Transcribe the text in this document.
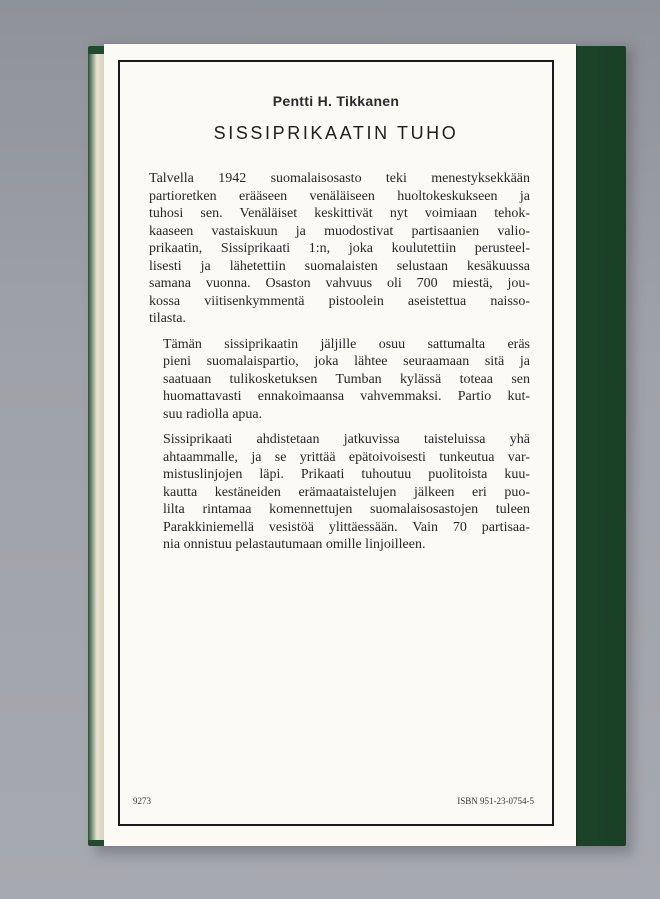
Pentti H. Tikkanen
SISSIPRIKAATIN TUHO

Talvella 1942 suomalaisosasto teki menestyksekkään
partioretken erääseen venäläiseen huoltokeskukseen ja
tuhosi sen. Venäläiset keskittivät nyt voimiaan tehok-
kaaseen vastaiskuun ja muodostivat partisaanien valio-
prikaatin, Sissiprikaati 1:n, joka koulutettiin perusteel-
lisesti ja lähetettiin suomalaisten selustaan kesäkuussa
samana vuonna. Osaston vahvuus oli 700 miestä, jou-
kossa viitisenkymmentä pistoolein aseistettua naisso-
tilasta.

Tämän sissiprikaatin jäljille osuu sattumalta eräs
pieni suomalaispartio, joka lähtee seuraamaan sitä ja
saatuaan tulikosketuksen Tumban kylässä toteaa sen
huomattavasti ennakoimaansa vahvemmaksi. Partio kut-
suu radiolla apua.

Sissiprikaati ahdistetaan jatkuvissa taisteluissa yhä
ahtaammalle, ja se yrittää epätoivoisesti tunkeutua var-
mistuslinjojen läpi. Prikaati tuhoutuu puolitoista kuu-
kautta kestäneiden erämaataistelujen jälkeen eri puo-
lilta rintamaa komennettujen suomalaisosastojen tuleen
Parakkiniemellä vesistöä ylittäessään. Vain 70 partisaa-
nia onnistuu pelastautumaan omille linjoilleen.

9273	ISBN 951-23-0754-5
